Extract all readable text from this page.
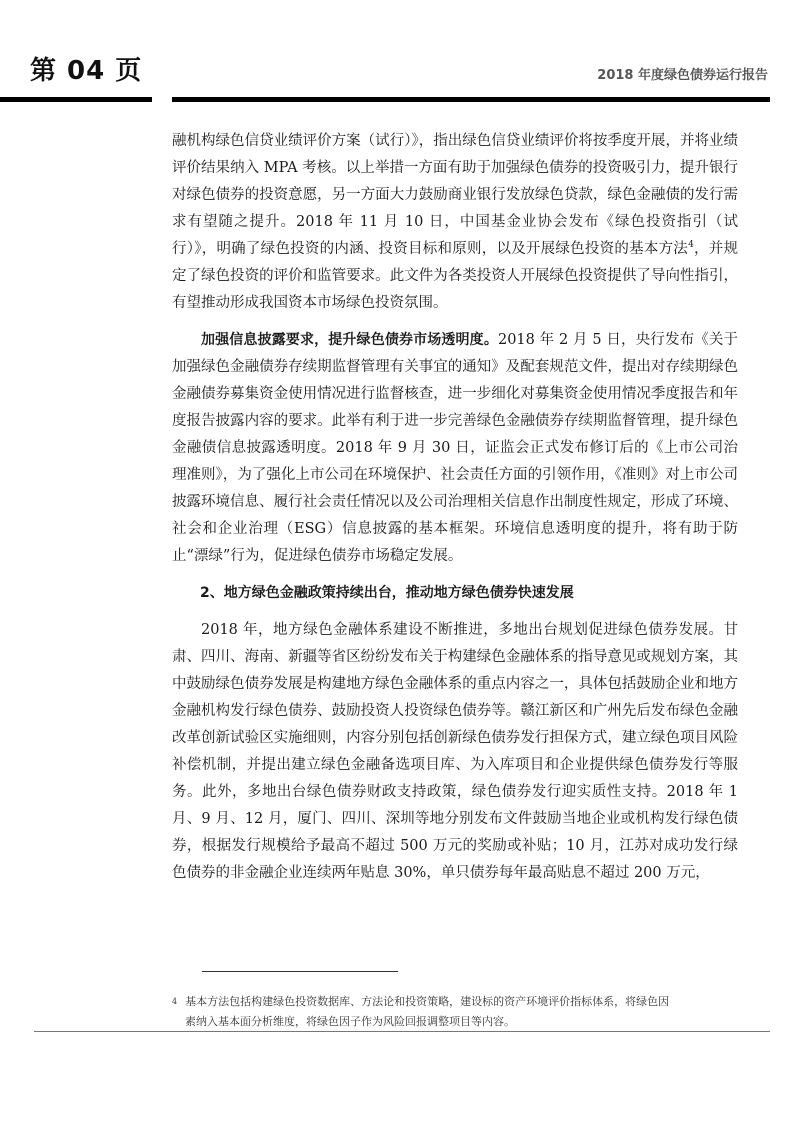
第 04 页	2018 年度绿色债券运行报告

融机构绿色信贷业绩评价方案（试行）》，指出绿色信贷业绩评价将按季度开展，并将业绩评价结果纳入 MPA 考核。以上举措一方面有助于加强绿色债券的投资吸引力，提升银行对绿色债券的投资意愿，另一方面大力鼓励商业银行发放绿色贷款，绿色金融债的发行需求有望随之提升。2018 年 11 月 10 日，中国基金业协会发布《绿色投资指引（试行）》，明确了绿色投资的内涵、投资目标和原则，以及开展绿色投资的基本方法$^4$，并规定了绿色投资的评价和监管要求。此文件为各类投资人开展绿色投资提供了导向性指引，有望推动形成我国资本市场绿色投资氛围。

加强信息披露要求，提升绿色债券市场透明度。2018 年 2 月 5 日，央行发布《关于加强绿色金融债券存续期监督管理有关事宜的通知》及配套规范文件，提出对存续期绿色金融债券募集资金使用情况进行监督核查，进一步细化对募集资金使用情况季度报告和年度报告披露内容的要求。此举有利于进一步完善绿色金融债券存续期监督管理，提升绿色金融债信息披露透明度。2018 年 9 月 30 日，证监会正式发布修订后的《上市公司治理准则》，为了强化上市公司在环境保护、社会责任方面的引领作用，《准则》对上市公司披露环境信息、履行社会责任情况以及公司治理相关信息作出制度性规定，形成了环境、社会和企业治理（ESG）信息披露的基本框架。环境信息透明度的提升，将有助于防止“漂绿”行为，促进绿色债券市场稳定发展。

2、地方绿色金融政策持续出台，推动地方绿色债券快速发展

2018 年，地方绿色金融体系建设不断推进，多地出台规划促进绿色债券发展。甘肃、四川、海南、新疆等省区纷纷发布关于构建绿色金融体系的指导意见或规划方案，其中鼓励绿色债券发展是构建地方绿色金融体系的重点内容之一，具体包括鼓励企业和地方金融机构发行绿色债券、鼓励投资人投资绿色债券等。赣江新区和广州先后发布绿色金融改革创新试验区实施细则，内容分别包括创新绿色债券发行担保方式，建立绿色项目风险补偿机制，并提出建立绿色金融备选项目库、为入库项目和企业提供绿色债券发行等服务。此外，多地出台绿色债券财政支持政策，绿色债券发行迎实质性支持。2018 年 1 月、9 月、12 月，厦门、四川、深圳等地分别发布文件鼓励当地企业或机构发行绿色债券，根据发行规模给予最高不超过 500 万元的奖励或补贴；10 月，江苏对成功发行绿色债券的非金融企业连续两年贴息 30%，单只债券每年最高贴息不超过 200 万元，

$^4$ 基本方法包括构建绿色投资数据库、方法论和投资策略，建设标的资产环境评价指标体系，将绿色因
素纳入基本面分析维度，将绿色因子作为风险回报调整项目等内容。
